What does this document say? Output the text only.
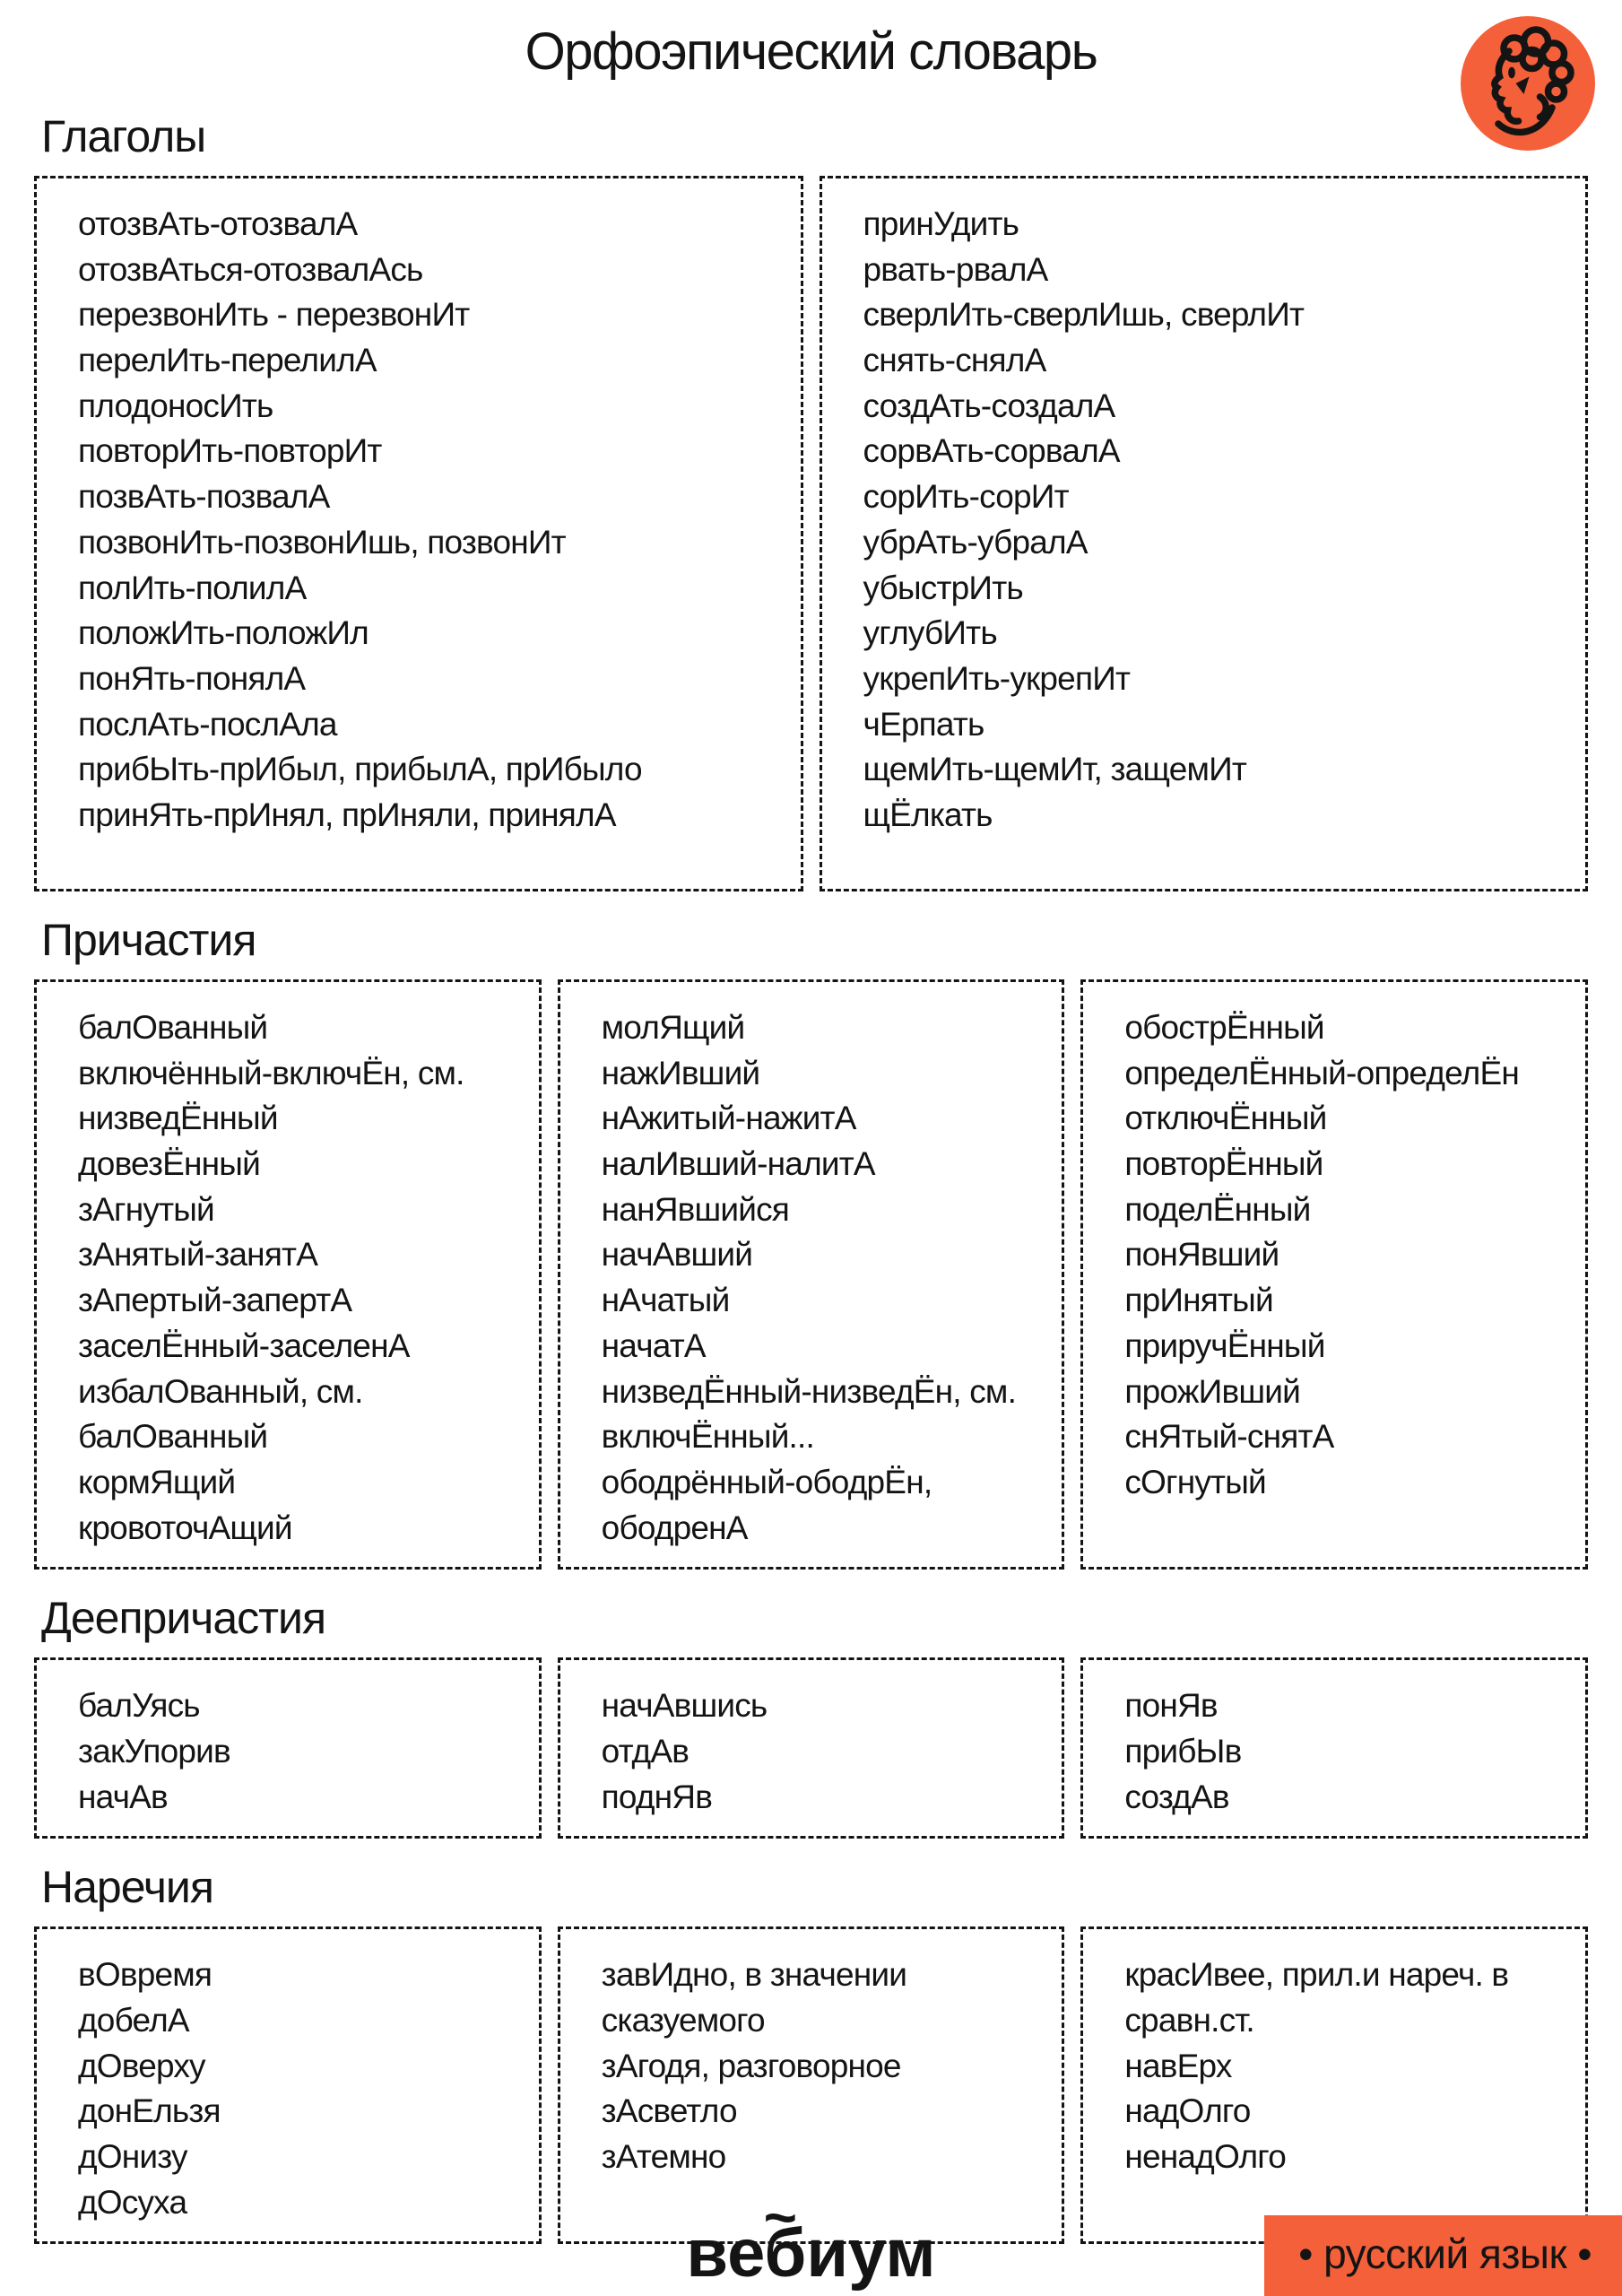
Орфоэпический словарь
Глаголы
отозвАть-отозвалА
отозвАться-отозвалАсь
перезвонИть - перезвонИт
перелИть-перелилА
плодоносИть
повторИть-повторИт
позвАть-позвалА
позвонИть-позвонИшь, позвонИт
полИть-полилА
положИть-положИл
понЯть-понялА
послАть-послАла
прибЫть-прИбыл, прибылА, прИбыло
принЯть-прИнял, прИняли, принялА
принУдить
рвать-рвалА
сверлИть-сверлИшь, сверлИт
снять-снялА
создАть-создалА
сорвАть-сорвалА
сорИть-сорИт
убрАть-убралА
убыстрИть
углубИть
укрепИть-укрепИт
чЕрпать
щемИть-щемИт, защемИт
щЁлкать
Причастия
балОванный
включённый-включЁн, см. низведЁнный
довезЁнный
зАгнутый
зАнятый-занятА
зАпертый-запертА
заселЁнный-заселенА
избалОванный, см. балОванный
кормЯщий
кровоточАщий
молЯщий
нажИвший
нАжитый-нажитА
налИвший-налитА
нанЯвшийся
начАвший
нАчатый
начатА
низведЁнный-низведЁн, см. включЁнный...
ободрённый-ободрЁн, ободренА
обострЁнный
определЁнный-определЁн
отключЁнный
повторЁнный
поделЁнный
понЯвший
прИнятый
приручЁнный
прожИвший
снЯтый-снятА
сОгнутый
Деепричастия
балУясь
закУпорив
начАв
начАвшись
отдАв
поднЯв
понЯв
прибЫв
создАв
Наречия
вОвремя
добелА
дОверху
донЕльзя
дОнизу
дОсуха
завИдно, в значении сказуемого
зАгодя, разговорное
зАсветло
зАтемно
красИвее, прил.и нареч. в сравн.ст.
навЕрх
надОлго
ненадОлго
вебиум ~	• русский язык •
